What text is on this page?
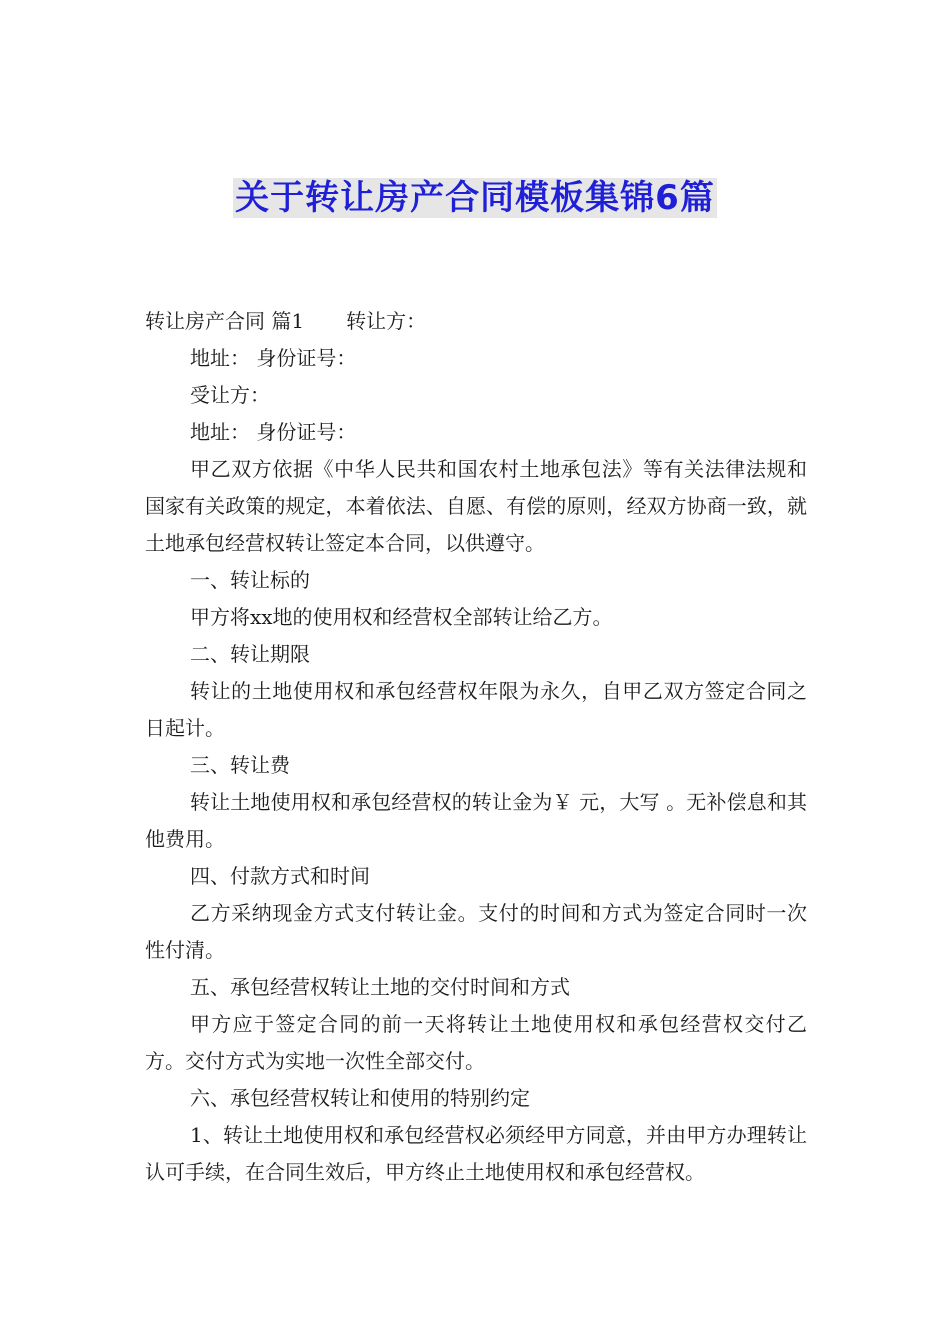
关于转让房产合同模板集锦6篇

转让房产合同 篇1 转让方：

地址： 身份证号：

受让方：

地址： 身份证号：

甲乙双方依据《中华人民共和国农村土地承包法》等有关法律法规和国家有关政策的规定，本着依法、自愿、有偿的原则，经双方协商一致，就土地承包经营权转让签定本合同，以供遵守。

一、转让标的

甲方将xx地的使用权和经营权全部转让给乙方。

二、转让期限

转让的土地使用权和承包经营权年限为永久，自甲乙双方签定合同之日起计。

三、转让费

转让土地使用权和承包经营权的转让金为￥ 元，大写 。无补偿息和其他费用。

四、付款方式和时间

乙方采纳现金方式支付转让金。支付的时间和方式为签定合同时一次性付清。

五、承包经营权转让土地的交付时间和方式

甲方应于签定合同的前一天将转让土地使用权和承包经营权交付乙方。交付方式为实地一次性全部交付。

六、承包经营权转让和使用的特别约定

1、转让土地使用权和承包经营权必须经甲方同意，并由甲方办理转让认可手续，在合同生效后，甲方终止土地使用权和承包经营权。
